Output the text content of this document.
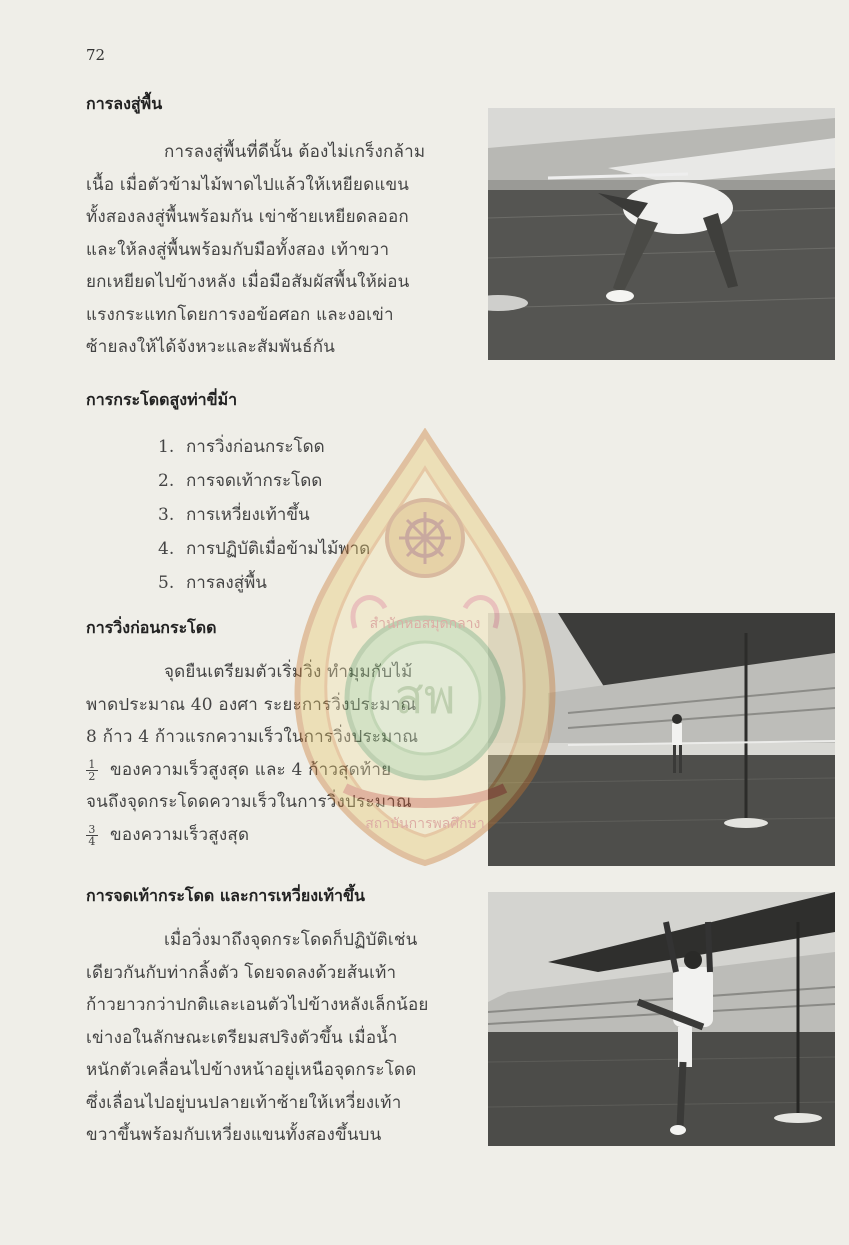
72
การลงสู่พื้น
การลงสู่พื้นที่ดีนั้น ต้องไม่เกร็งกล้าม
เนื้อ เมื่อตัวข้ามไม้พาดไปแล้วให้เหยียดแขน
ทั้งสองลงสู่พื้นพร้อมกัน เข่าซ้ายเหยียดลออก
และให้ลงสู่พื้นพร้อมกับมือทั้งสอง เท้าขวา
ยกเหยียดไปข้างหลัง เมื่อมือสัมผัสพื้นให้ผ่อน
แรงกระแทกโดยการงอข้อศอก และงอเข่า
ซ้ายลงให้ได้จังหวะและสัมพันธ์กัน
การกระโดดสูงท่าขี่ม้า
1. การวิ่งก่อนกระโดด
2. การจดเท้ากระโดด
3. การเหวี่ยงเท้าขึ้น
4. การปฏิบัติเมื่อข้ามไม้พาด
5. การลงสู่พื้น
การวิ่งก่อนกระโดด
จุดยืนเตรียมตัวเริ่มวิ่ง ทำมุมกับไม้
พาดประมาณ 40 องศา ระยะการวิ่งประมาณ
8 ก้าว 4 ก้าวแรกความเร็วในการวิ่งประมาณ
$\frac{1}{2}$ ของความเร็วสูงสุด และ 4 ก้าวสุดท้าย
จนถึงจุดกระโดดความเร็วในการวิ่งประมาณ
$\frac{3}{4}$ ของความเร็วสูงสุด
การจดเท้ากระโดด และการเหวี่ยงเท้าขึ้น
เมื่อวิ่งมาถึงจุดกระโดดก็ปฏิบัติเช่น
เดียวกันกับท่ากลิ้งตัว โดยจดลงด้วยส้นเท้า
ก้าวยาวกว่าปกติและเอนตัวไปข้างหลังเล็กน้อย
เข่างอในลักษณะเตรียมสปริงตัวขึ้น เมื่อน้ำ
หนักตัวเคลื่อนไปข้างหน้าอยู่เหนือจุดกระโดด
ซึ่งเลื่อนไปอยู่บนปลายเท้าซ้ายให้เหวี่ยงเท้า
ขวาขึ้นพร้อมกับเหวี่ยงแขนทั้งสองขึ้นบน
สพ
สำนักหอสมุดกลาง
สถาบันการพลศึกษา
